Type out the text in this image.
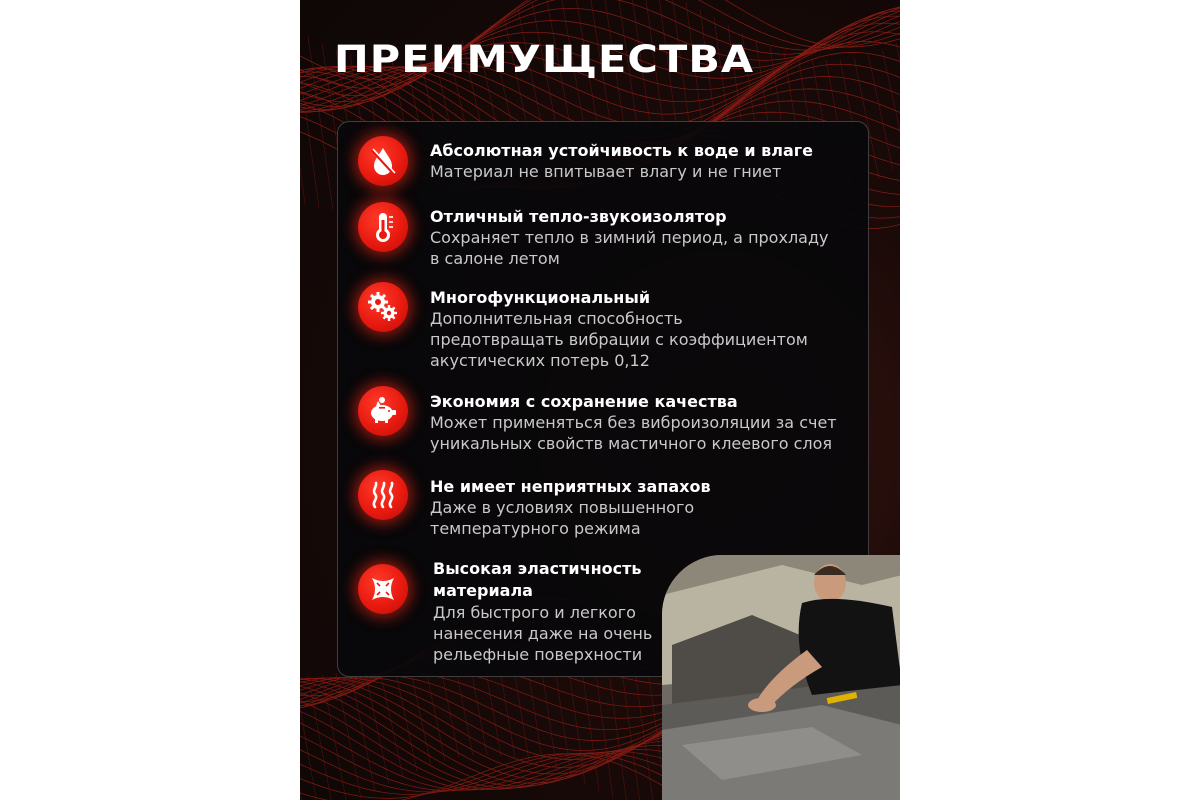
ПРЕИМУЩЕСТВА

Абсолютная устойчивость к воде и влаге

Материал не впитывает влагу и не гниет

Отличный тепло-звукоизолятор

Сохраняет тепло в зимний период, а прохладу

в салоне летом

Многофункциональный

Дополнительная способность

предотвращать вибрации с коэффициентом

акустических потерь 0,12

Экономия с сохранение качества

Может применяться без виброизоляции за счет

уникальных свойств мастичного клеевого слоя

Не имеет неприятных запахов

Даже в условиях повышенного

температурного режима

Высокая эластичность

материала

Для быстрого и легкого

нанесения даже на очень

рельефные поверхности
